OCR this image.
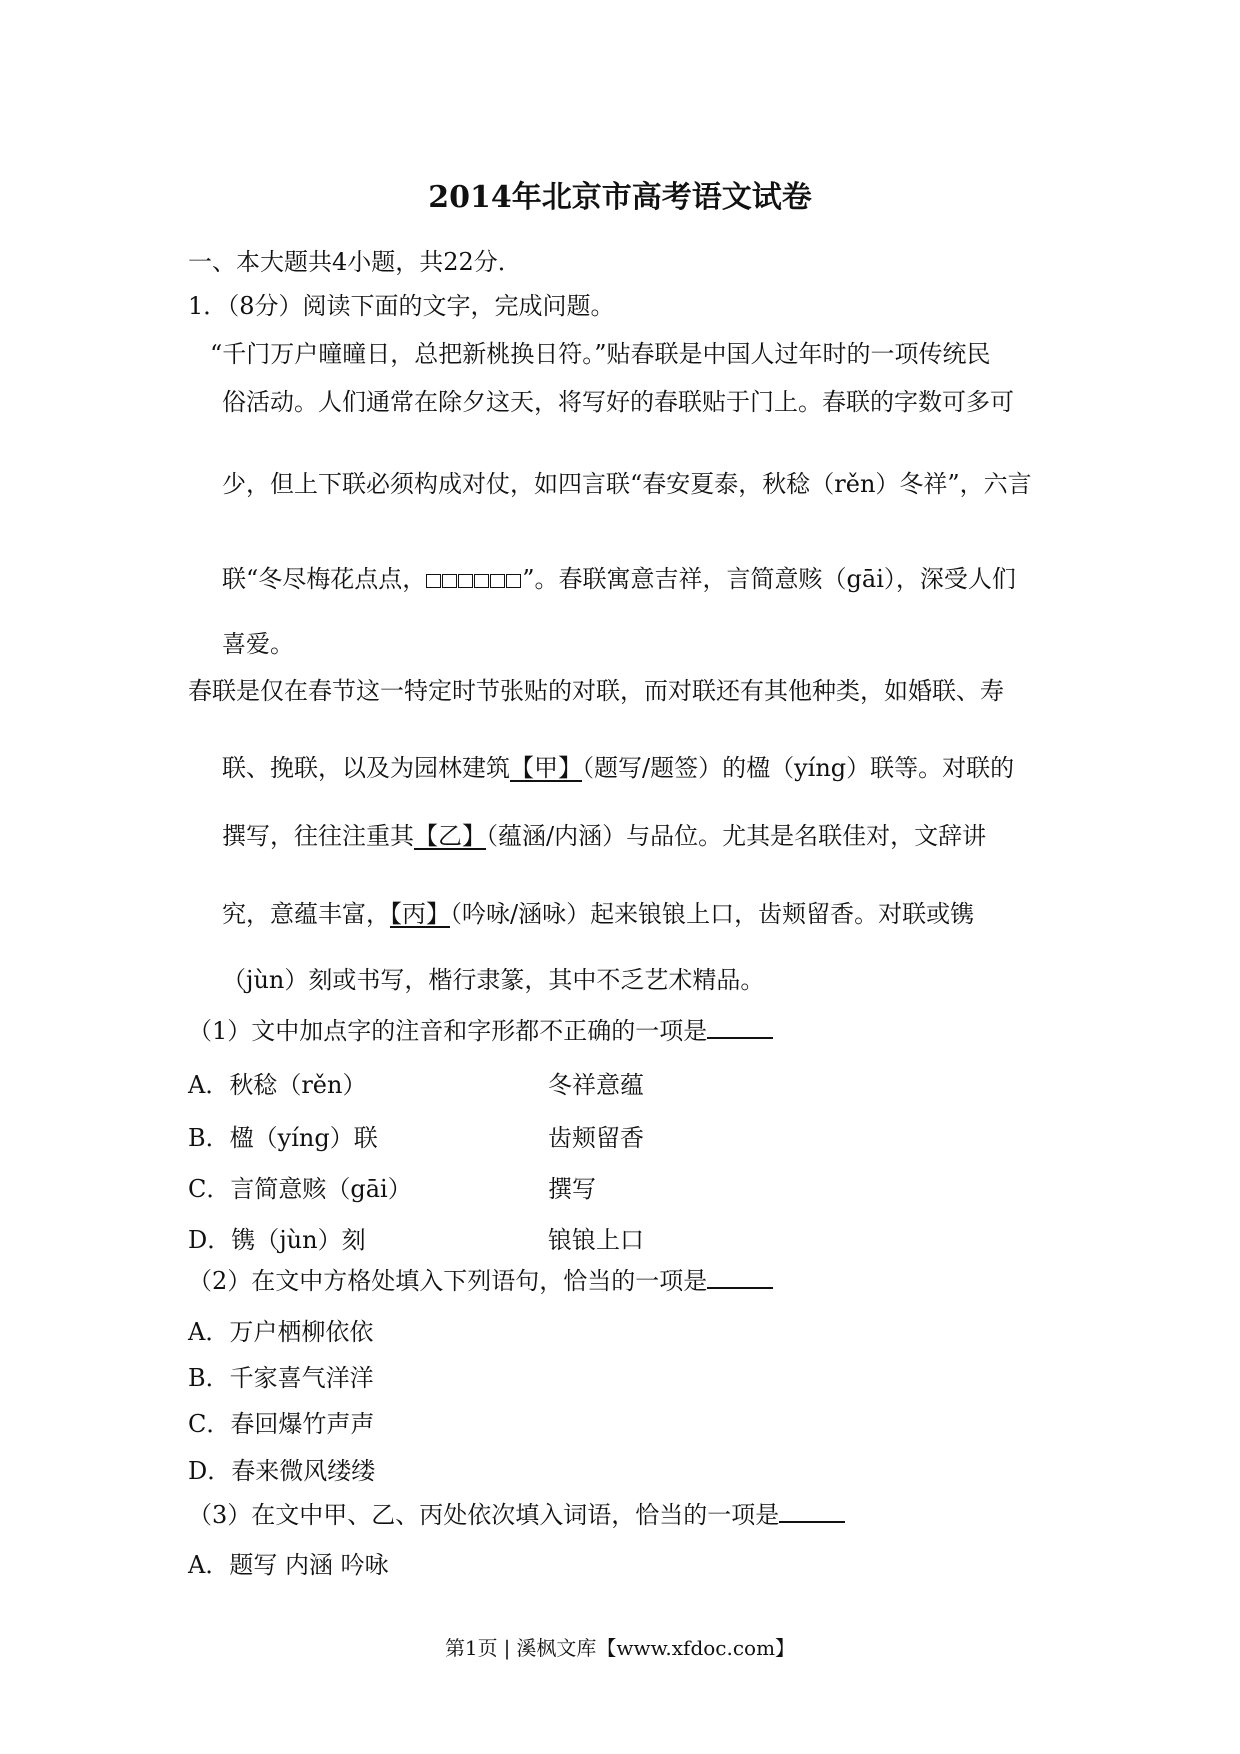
2014年北京市高考语文试卷
一、本大题共4小题，共22分．
1．（8分）阅读下面的文字，完成问题。
“千门万户曈曈日，总把新桃换日符。”贴春联是中国人过年时的一项传统民
俗活动。人们通常在除夕这天，将写好的春联贴于门上。春联的字数可多可
少，但上下联必须构成对仗，如四言联“春安夏泰，秋稔（rěn）冬祥”，六言
联“冬尽梅花点点，	”。春联寓意吉祥，言简意赅（gāi），深受人们
喜爱。
春联是仅在春节这一特定时节张贴的对联，而对联还有其他种类，如婚联、寿
联、挽联，以及为园林建筑【甲】（题写/题签）的楹（yíng）联等。对联的
撰写，往往注重其【乙】（蕴涵/内涵）与品位。尤其是名联佳对，文辞讲
究，意蕴丰富，【丙】（吟咏/涵咏）起来锒锒上口，齿颊留香。对联或镌
（jùn）刻或书写，楷行隶篆，其中不乏艺术精品。
（1）文中加点字的注音和字形都不正确的一项是
A．秋稔（rěn）	冬祥意蕴
B．楹（yíng）联	齿颊留香
C．言简意赅（gāi）	撰写
D．镌（jùn）刻	锒锒上口
（2）在文中方格处填入下列语句，恰当的一项是
A．万户栖柳依依
B．千家喜气洋洋
C．春回爆竹声声
D．春来微风缕缕
（3）在文中甲、乙、丙处依次填入词语，恰当的一项是
A．题写 内涵 吟咏
第1页 | 溪枫文库【www.xfdoc.com】
